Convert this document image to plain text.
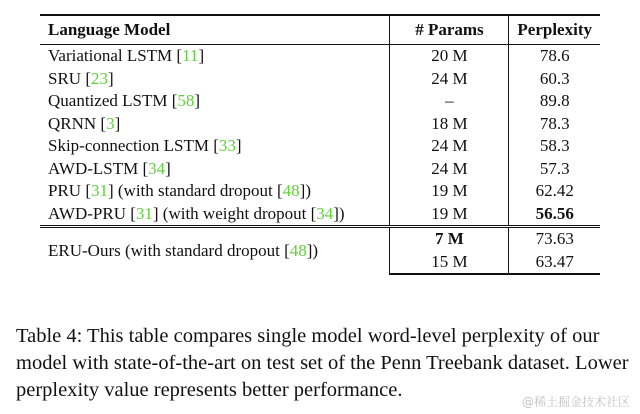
Language Model	# Params	Perplexity
Variational LSTM [11]	20 M	78.6
SRU [23]	24 M	60.3
Quantized LSTM [58]	–	89.8
QRNN [3]	18 M	78.3
Skip-connection LSTM [33]	24 M	58.3
AWD-LSTM [34]	24 M	57.3
PRU [31] (with standard dropout [48])	19 M	62.42
AWD-PRU [31] (with weight dropout [34])	19 M	56.56
ERU-Ours (with standard dropout [48])	7 M	73.63
	15 M	63.47
Table 4: This table compares single model word-level perplexity of our model with state-of-the-art on test set of the Penn Treebank dataset. Lower perplexity value represents better performance.
@稀土掘金技术社区
